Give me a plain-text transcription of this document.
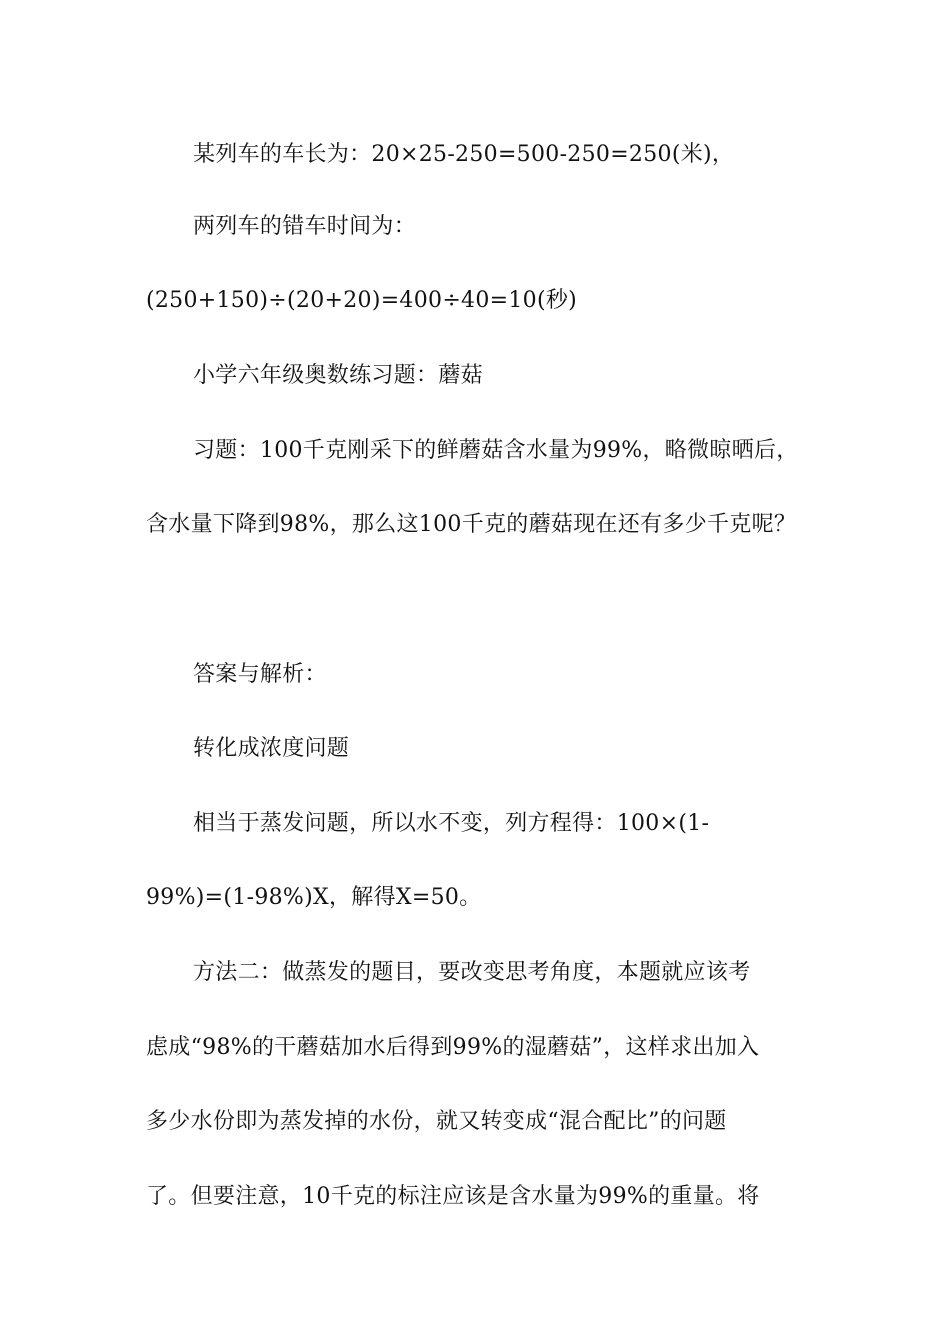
某列车的车长为：20×25-250=500-250=250(米)，
两列车的错车时间为：
(250+150)÷(20+20)=400÷40=10(秒)
小学六年级奥数练习题：蘑菇
习题：100千克刚采下的鲜蘑菇含水量为99%，略微晾晒后，
含水量下降到98%，那么这100千克的蘑菇现在还有多少千克呢？
答案与解析：
转化成浓度问题
相当于蒸发问题，所以水不变，列方程得：100×(1-
99%)=(1-98%)X，解得X=50。
方法二：做蒸发的题目，要改变思考角度，本题就应该考
虑成“98%的干蘑菇加水后得到99%的湿蘑菇”，这样求出加入
多少水份即为蒸发掉的水份，就又转变成“混合配比”的问题
了。但要注意，10千克的标注应该是含水量为99%的重量。将
